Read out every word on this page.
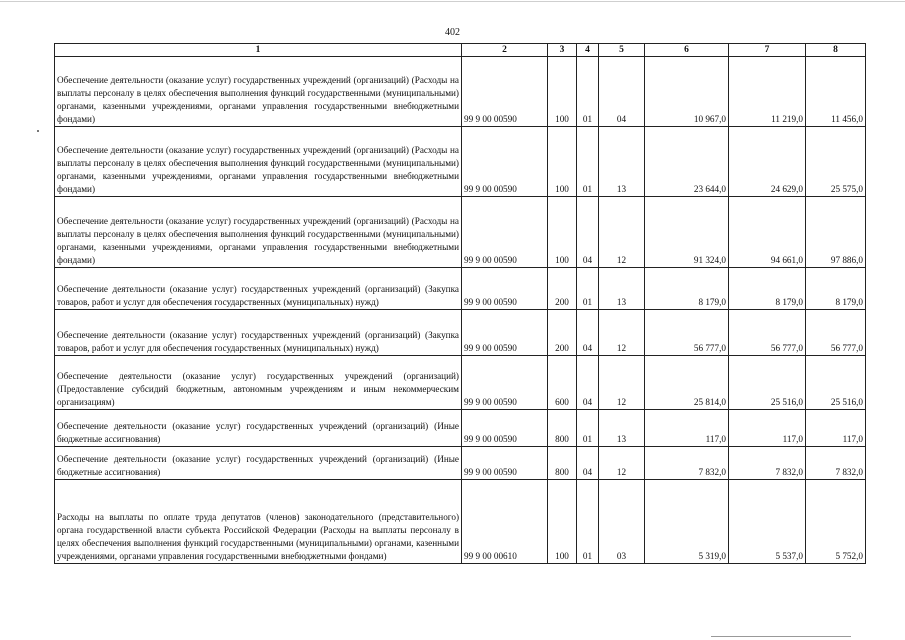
402
1	2	3	4	5	6	7	8
Обеспечение деятельности (оказание услуг) государственных учреждений (организаций) (Расходы на выплаты персоналу в целях обеспечения выполнения функций государственными (муниципальными) органами, казенными учреждениями, органами управления государственными внебюджетными фондами)	99 9 00 00590	100	01	04	10 967,0	11 219,0	11 456,0
Обеспечение деятельности (оказание услуг) государственных учреждений (организаций) (Расходы на выплаты персоналу в целях обеспечения выполнения функций государственными (муниципальными) органами, казенными учреждениями, органами управления государственными внебюджетными фондами)	99 9 00 00590	100	01	13	23 644,0	24 629,0	25 575,0
Обеспечение деятельности (оказание услуг) государственных учреждений (организаций) (Расходы на выплаты персоналу в целях обеспечения выполнения функций государственными (муниципальными) органами, казенными учреждениями, органами управления государственными внебюджетными фондами)	99 9 00 00590	100	04	12	91 324,0	94 661,0	97 886,0
Обеспечение деятельности (оказание услуг) государственных учреждений (организаций) (Закупка товаров, работ и услуг для обеспечения государственных (муниципальных) нужд)	99 9 00 00590	200	01	13	8 179,0	8 179,0	8 179,0
Обеспечение деятельности (оказание услуг) государственных учреждений (организаций) (Закупка товаров, работ и услуг для обеспечения государственных (муниципальных) нужд)	99 9 00 00590	200	04	12	56 777,0	56 777,0	56 777,0
Обеспечение деятельности (оказание услуг) государственных учреждений (организаций) (Предоставление субсидий бюджетным, автономным учреждениям и иным некоммерческим организациям)	99 9 00 00590	600	04	12	25 814,0	25 516,0	25 516,0
Обеспечение деятельности (оказание услуг) государственных учреждений (организаций) (Иные бюджетные ассигнования)	99 9 00 00590	800	01	13	117,0	117,0	117,0
Обеспечение деятельности (оказание услуг) государственных учреждений (организаций) (Иные бюджетные ассигнования)	99 9 00 00590	800	04	12	7 832,0	7 832,0	7 832,0
Расходы на выплаты по оплате труда депутатов (членов) законодательного (представительного) органа государственной власти субъекта Российской Федерации (Расходы на выплаты персоналу в целях обеспечения выполнения функций государственными (муниципальными) органами, казенными учреждениями, органами управления государственными внебюджетными фондами)	99 9 00 00610	100	01	03	5 319,0	5 537,0	5 752,0
